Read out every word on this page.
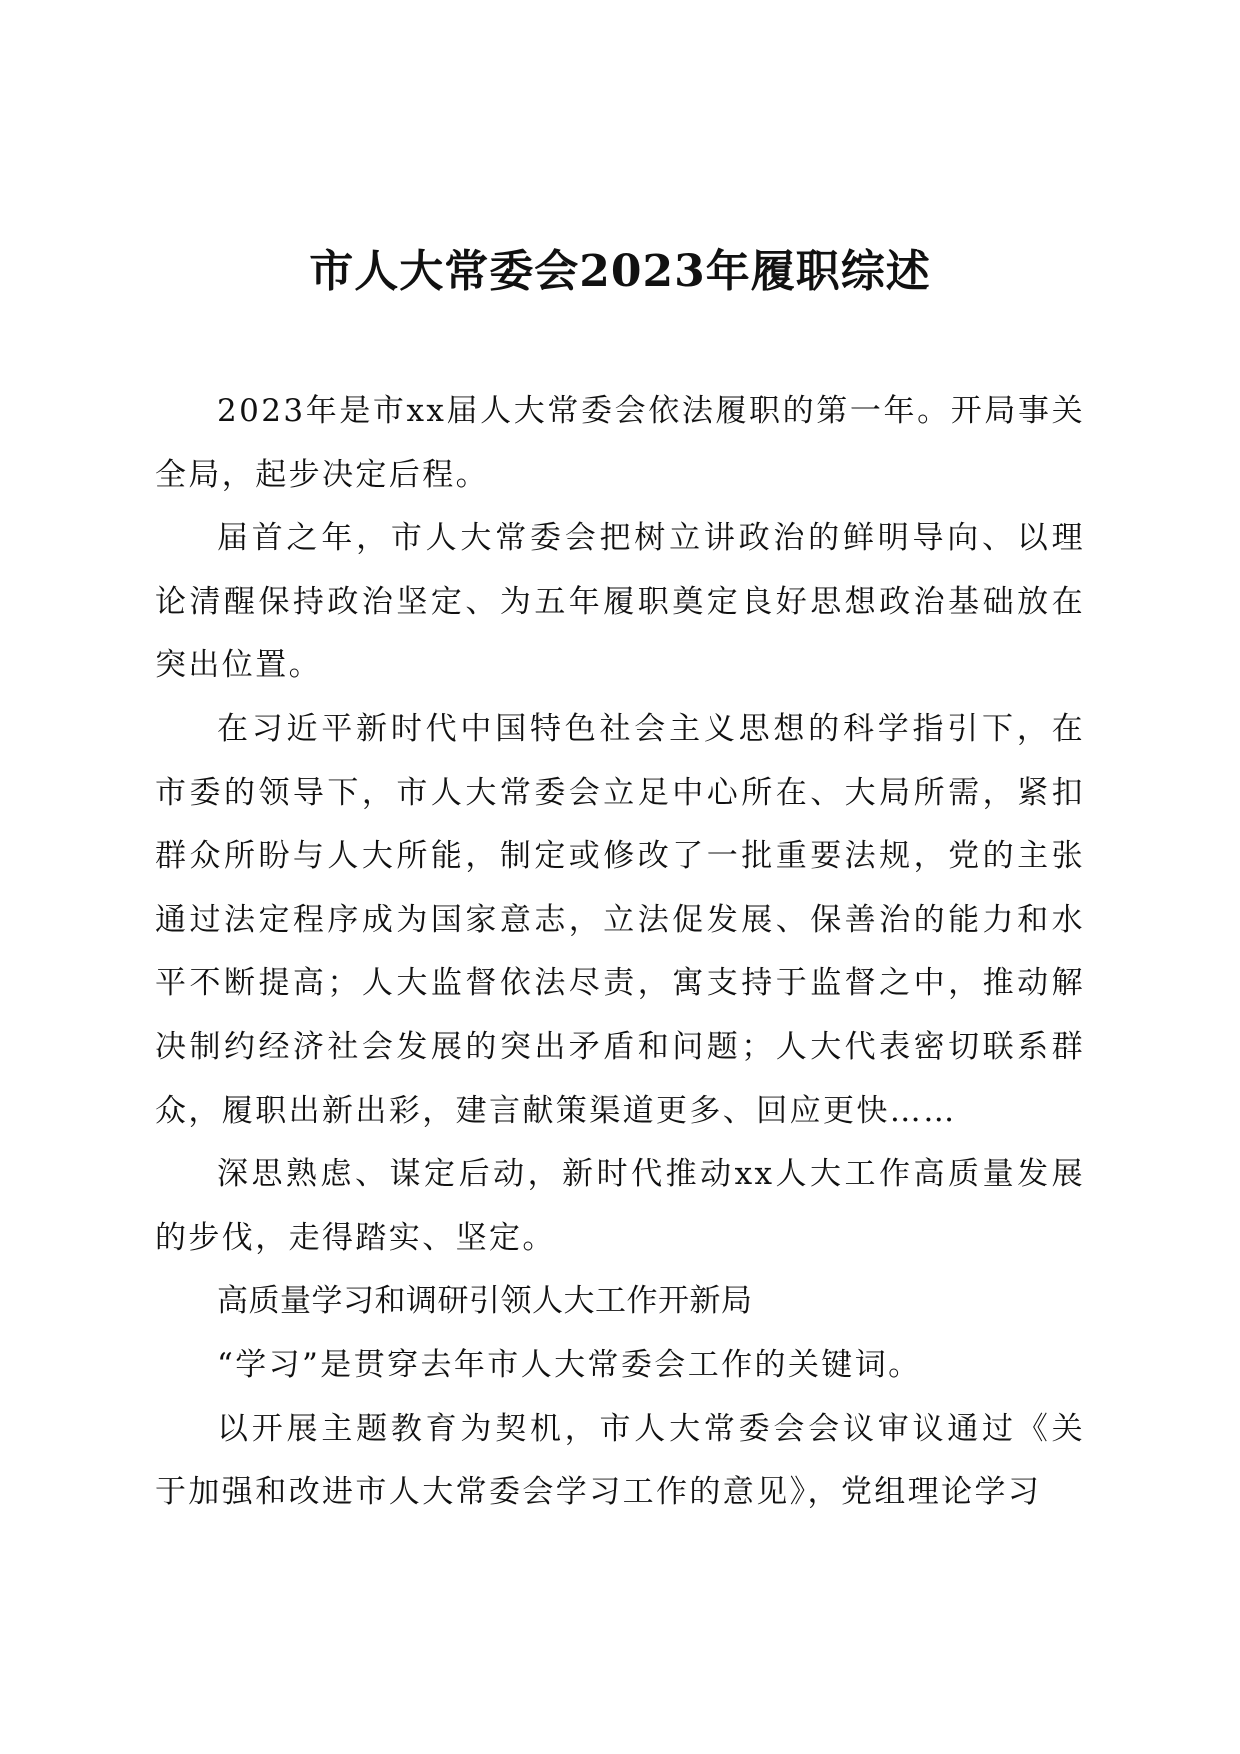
市人大常委会2023年履职综述

2023年是市xx届人大常委会依法履职的第一年。开局事关全局，起步决定后程。

届首之年，市人大常委会把树立讲政治的鲜明导向、以理论清醒保持政治坚定、为五年履职奠定良好思想政治基础放在突出位置。

在习近平新时代中国特色社会主义思想的科学指引下，在市委的领导下，市人大常委会立足中心所在、大局所需，紧扣群众所盼与人大所能，制定或修改了一批重要法规，党的主张通过法定程序成为国家意志，立法促发展、保善治的能力和水平不断提高；人大监督依法尽责，寓支持于监督之中，推动解决制约经济社会发展的突出矛盾和问题；人大代表密切联系群众，履职出新出彩，建言献策渠道更多、回应更快……

深思熟虑、谋定后动，新时代推动xx人大工作高质量发展的步伐，走得踏实、坚定。

高质量学习和调研引领人大工作开新局

“学习”是贯穿去年市人大常委会工作的关键词。

以开展主题教育为契机，市人大常委会会议审议通过《关于加强和改进市人大常委会学习工作的意见》，党组理论学习
